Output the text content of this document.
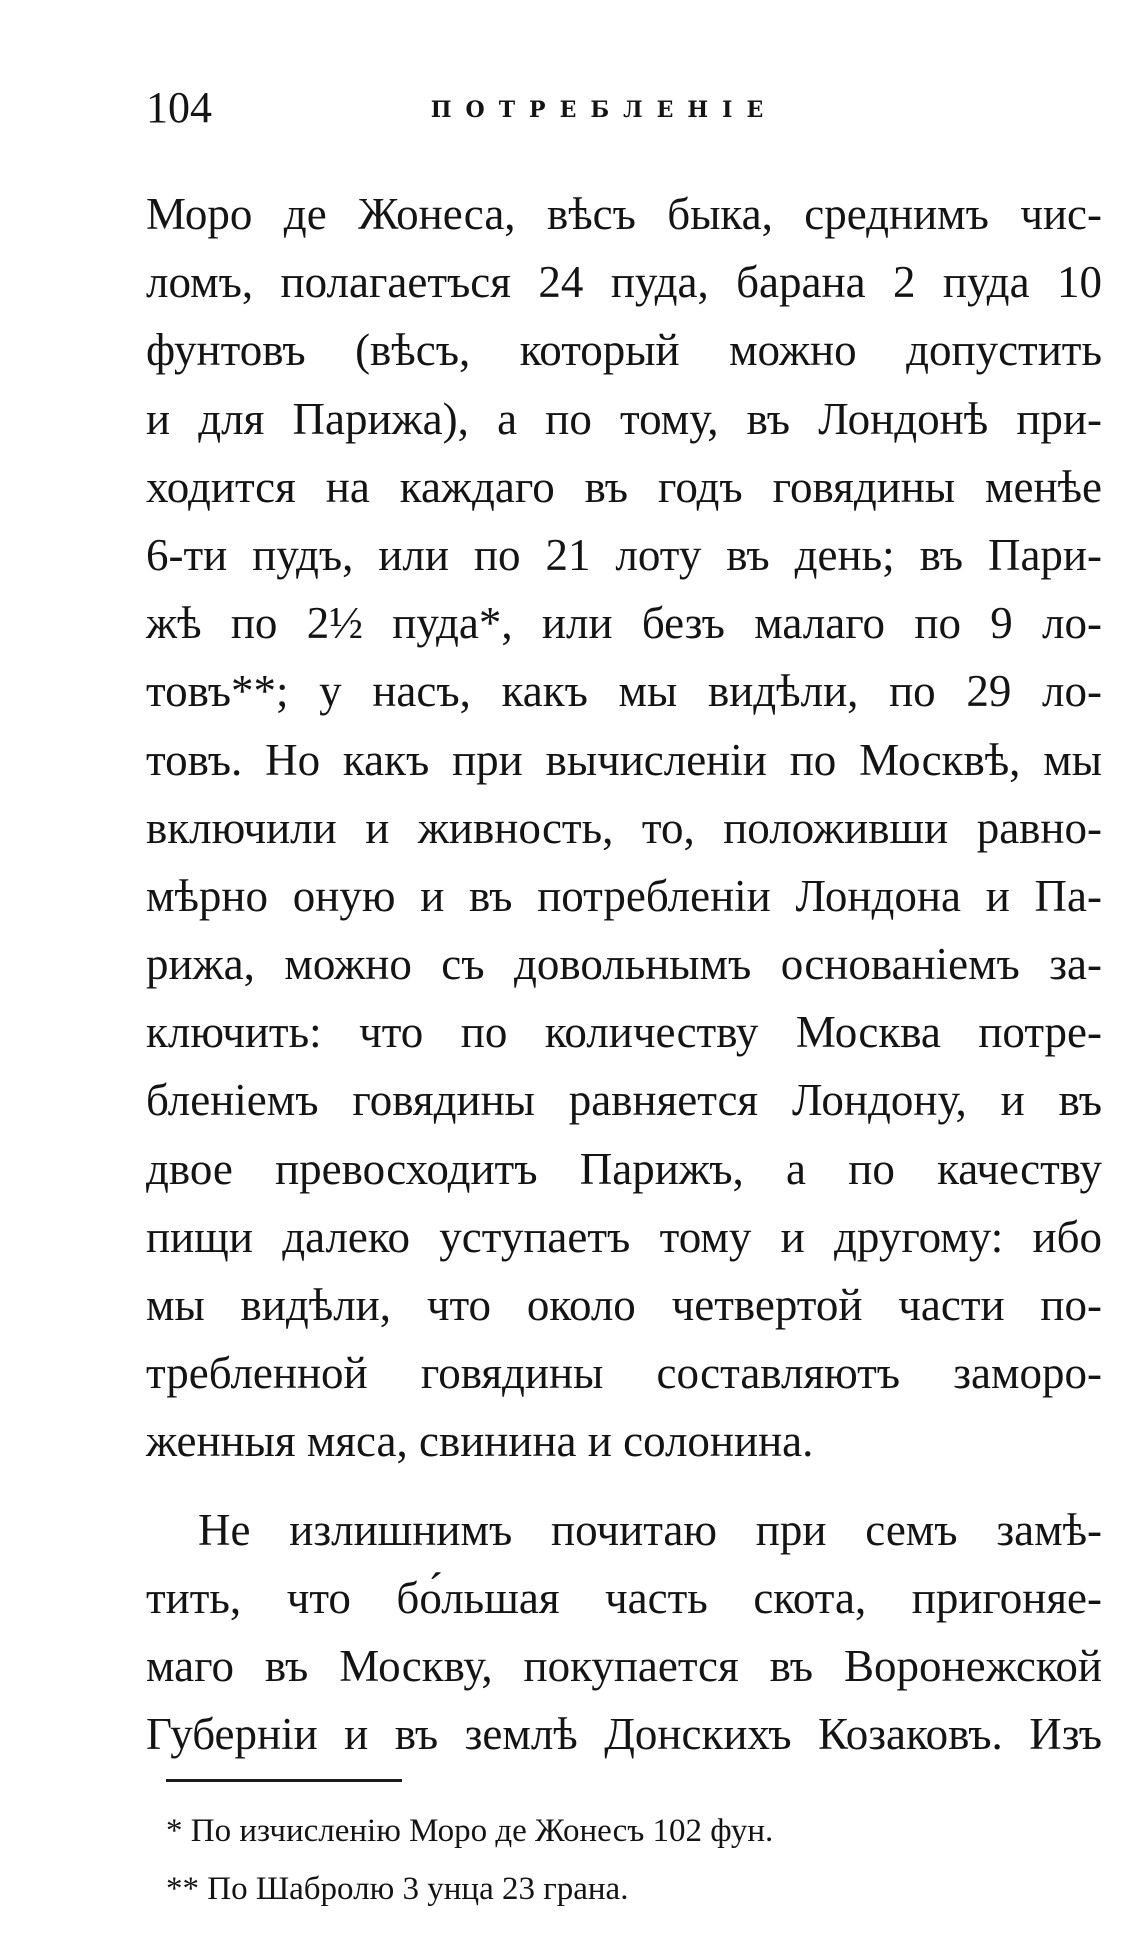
104	ПОТРЕБЛЕНІЕ
Моро де Жонеса, вѣсъ быка, среднимъ чис-
ломъ, полагаетъся 24 пуда, барана 2 пуда 10
фунтовъ (вѣсъ, который можно допустить
и для Парижа), а по тому, въ Лондонѣ при-
ходится на каждаго въ годъ говядины менѣе
6-ти пудъ, или по 21 лоту въ день; въ Пари-
жѣ по 2½ пуда*, или безъ малаго по 9 ло-
товъ**; у насъ, какъ мы видѣли, по 29 ло-
товъ. Но какъ при вычисленіи по Москвѣ, мы
включили и живность, то, положивши равно-
мѣрно оную и въ потребленіи Лондона и Па-
рижа, можно съ довольнымъ основаніемъ за-
ключить: что по количеству Москва потре-
бленіемъ говядины равняется Лондону, и въ
двое превосходитъ Парижъ, а по качеству
пищи далеко уступаетъ тому и другому: ибо
мы видѣли, что около четвертой части по-
требленной говядины составляютъ заморо-
женныя мяса, свинина и солонина.
Не излишнимъ почитаю при семъ замѣ-
тить, что бо́льшая часть скота, пригоняе-
маго въ Москву, покупается въ Воронежской
Губерніи и въ землѣ Донскихъ Козаковъ. Изъ
* По изчисленію Моро де Жонесъ 102 фун.
** По Шабролю 3 унца 23 грана.
